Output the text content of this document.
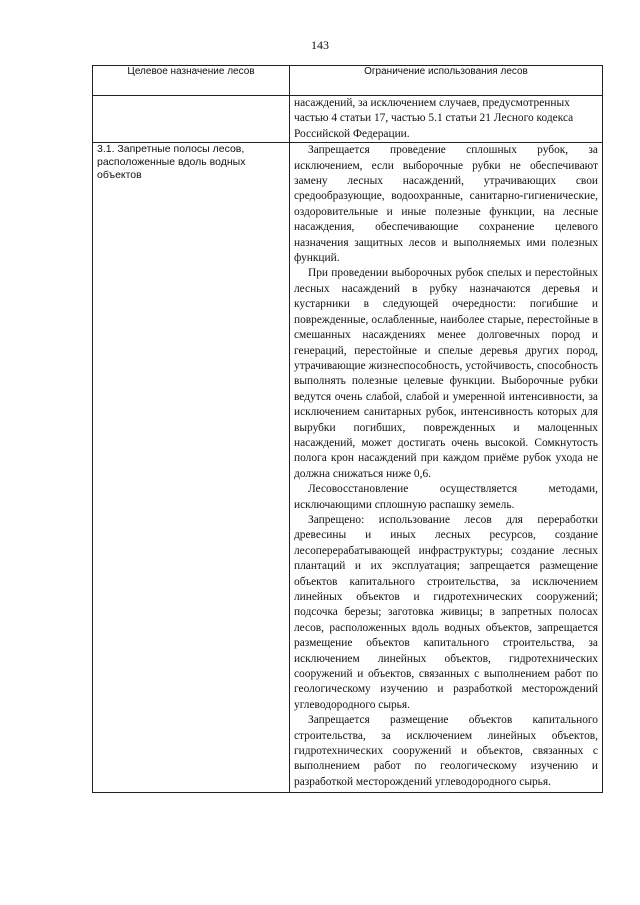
143
Целевое назначение лесов	Ограничение использования лесов

	насаждений, за исключением случаев, предусмотренных частью 4 статьи 17, частью 5.1 статьи 21 Лесного кодекса Российской Федерации.

3.1. Запретные полосы лесов, расположенные вдоль водных объектов	Запрещается проведение сплошных рубок, за исключением, если выборочные рубки не обеспечивают замену лесных насаждений, утрачивающих свои средообразующие, водоохранные, санитарно-гигиенические, оздоровительные и иные полезные функции, на лесные насаждения, обеспечивающие сохранение целевого назначения защитных лесов и выполняемых ими полезных функций.

При проведении выборочных рубок спелых и перестойных лесных насаждений в рубку назначаются деревья и кустарники в следующей очередности: погибшие и поврежденные, ослабленные, наиболее старые, перестойные в смешанных насаждениях менее долговечных пород и генераций, перестойные и спелые деревья других пород, утрачивающие жизнеспособность, устойчивость, способность выполнять полезные целевые функции. Выборочные рубки ведутся очень слабой, слабой и умеренной интенсивности, за исключением санитарных рубок, интенсивность которых для вырубки погибших, поврежденных и малоценных насаждений, может достигать очень высокой. Сомкнутость полога крон насаждений при каждом приёме рубок ухода не должна снижаться ниже 0,6.

Лесовосстановление осуществляется методами, исключающими сплошную распашку земель.

Запрещено: использование лесов для переработки древесины и иных лесных ресурсов, создание лесоперерабатывающей инфраструктуры; создание лесных плантаций и их эксплуатация; запрещается размещение объектов капитального строительства, за исключением линейных объектов и гидротехнических сооружений; подсочка березы; заготовка живицы; в запретных полосах лесов, расположенных вдоль водных объектов, запрещается размещение объектов капитального строительства, за исключением линейных объектов, гидротехнических сооружений и объектов, связанных с выполнением работ по геологическому изучению и разработкой месторождений углеводородного сырья.

Запрещается размещение объектов капитального строительства, за исключением линейных объектов, гидротехнических сооружений и объектов, связанных с выполнением работ по геологическому изучению и разработкой месторождений углеводородного сырья.
